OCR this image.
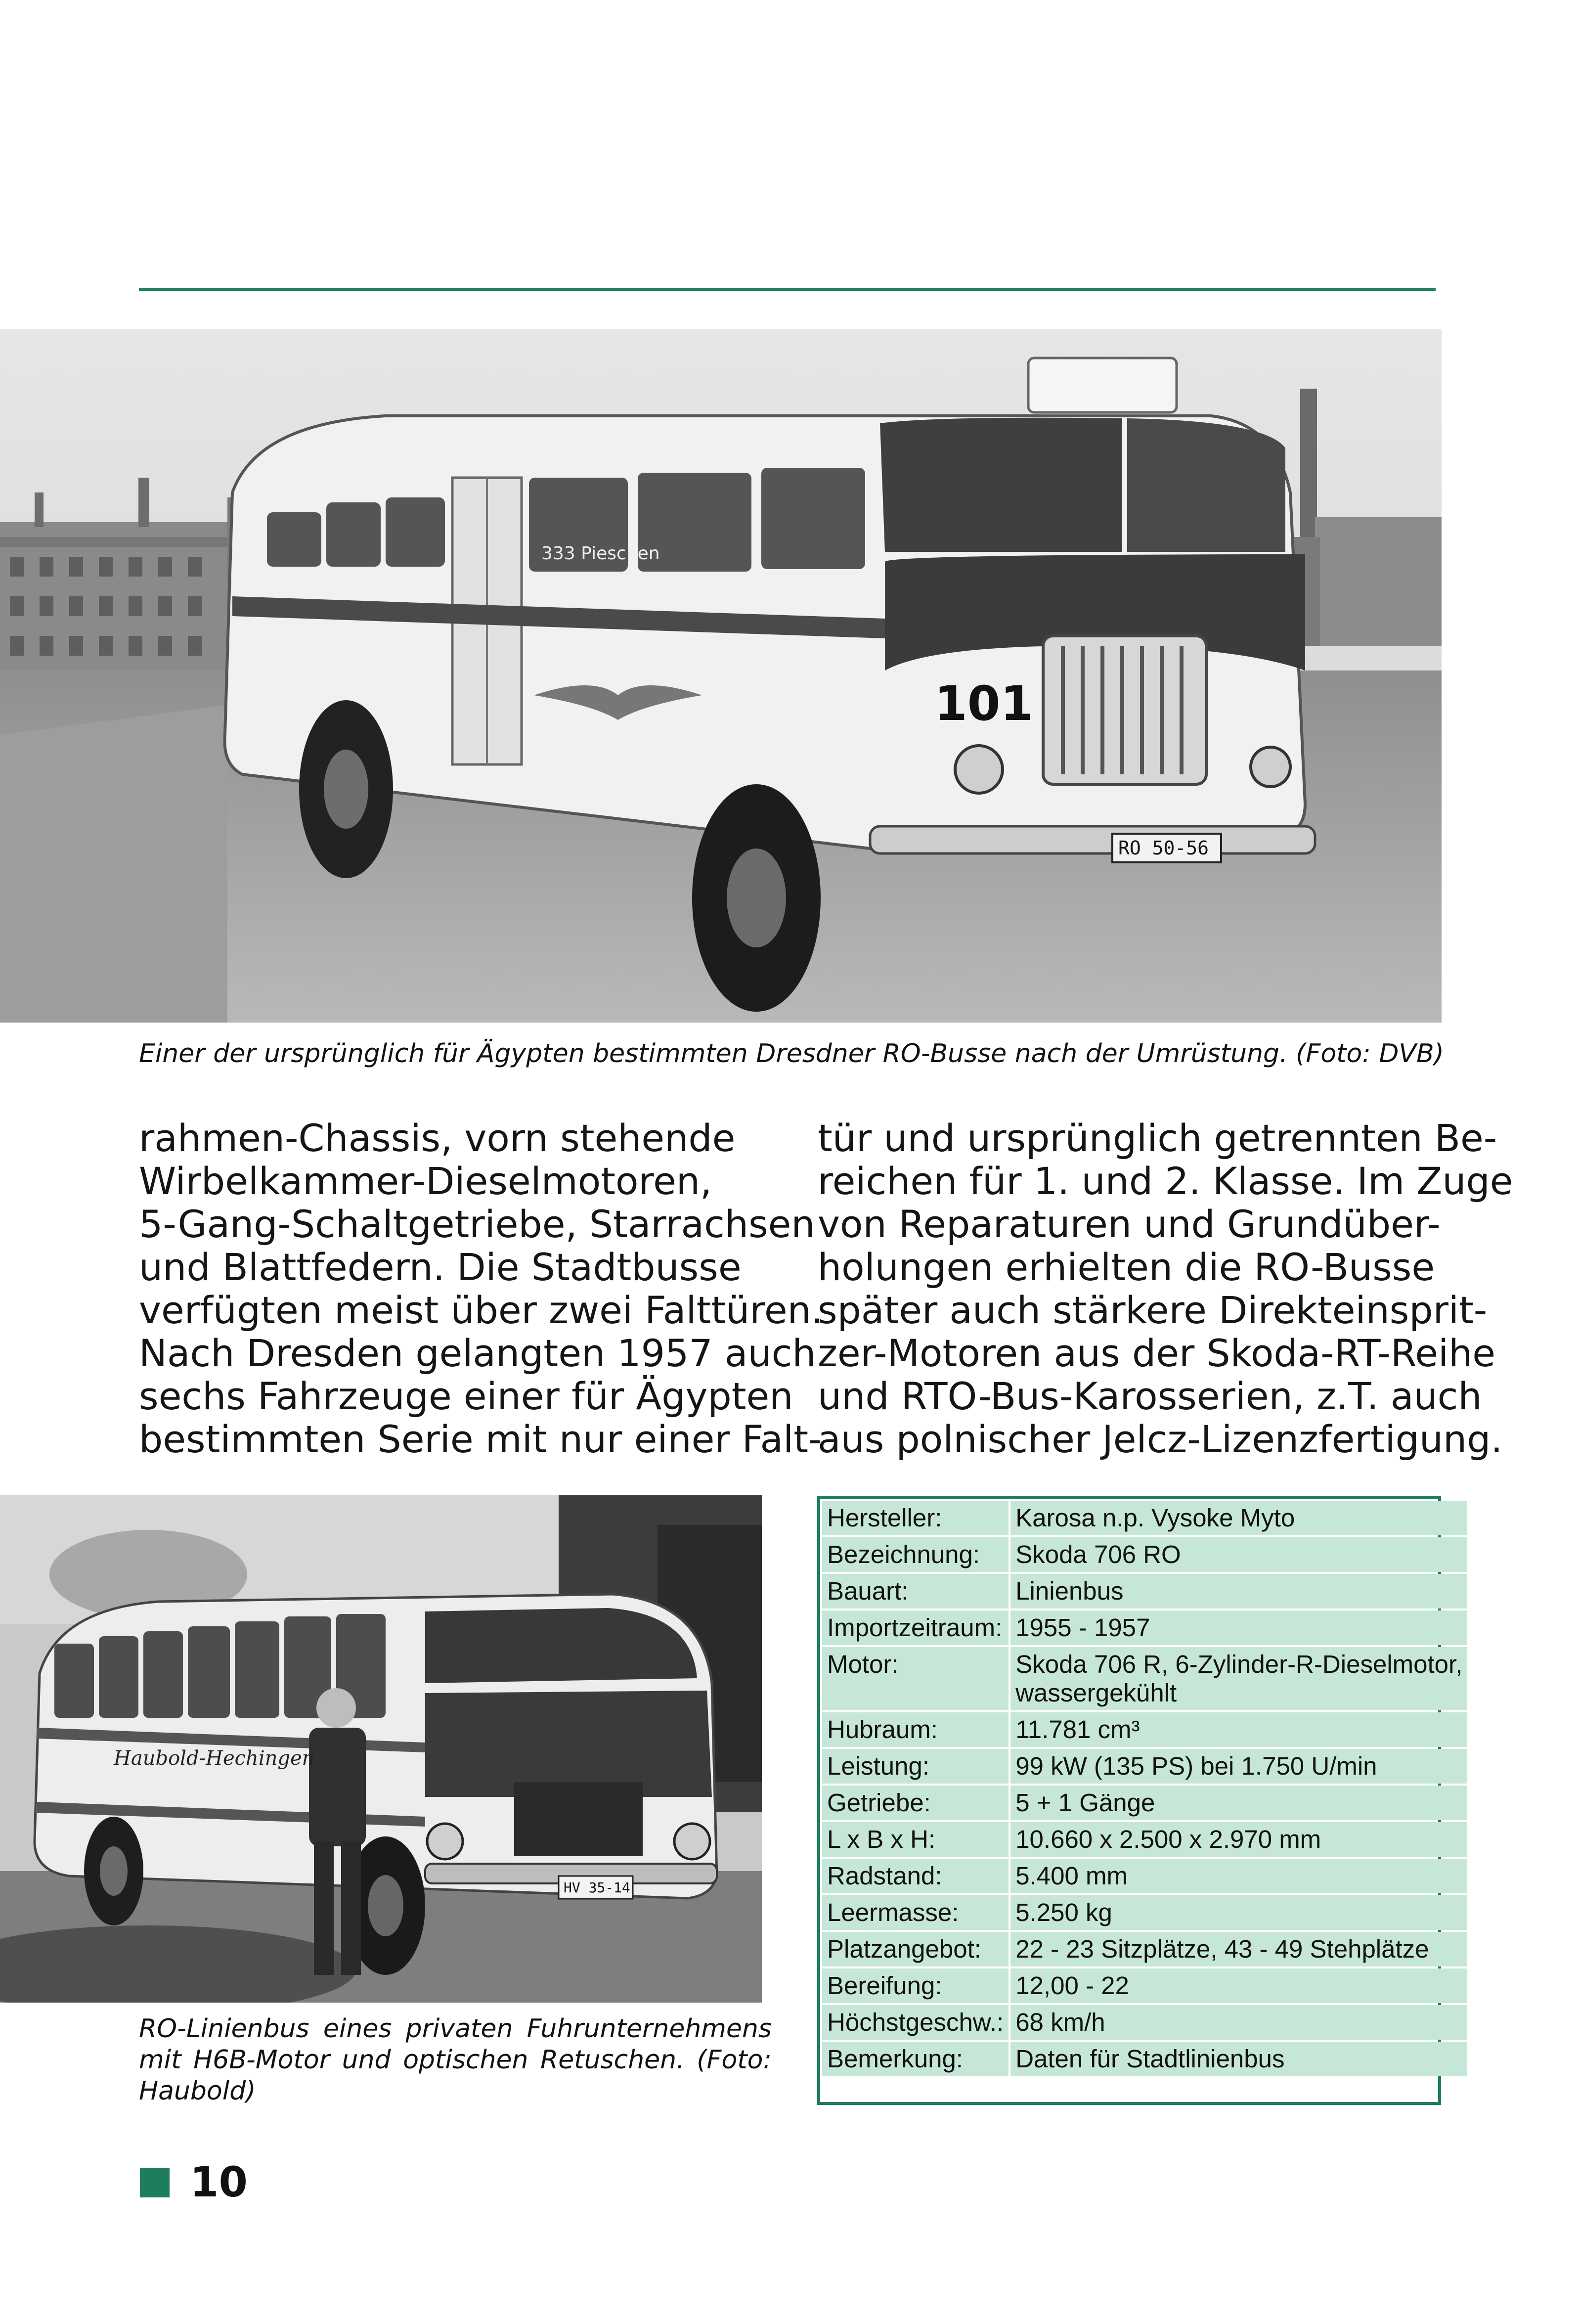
101
333 Pieschen
RO 50-56
Einer der ursprünglich für Ägypten bestimmten Dresdner RO-Busse nach der Umrüstung. (Foto: DVB)
rahmen-Chassis, vorn stehende
Wirbelkammer-Dieselmotoren,
5-Gang-Schaltgetriebe, Starrachsen
und Blattfedern. Die Stadtbusse
verfügten meist über zwei Falttüren.
Nach Dresden gelangten 1957 auch
sechs Fahrzeuge einer für Ägypten
bestimmten Serie mit nur einer Falt-
tür und ursprünglich getrennten Be-
reichen für 1. und 2. Klasse. Im Zuge
von Reparaturen und Grundüber-
holungen erhielten die RO-Busse
später auch stärkere Direkteinsprit-
zer-Motoren aus der Skoda-RT-Reihe
und RTO-Bus-Karosserien, z.T. auch
aus polnischer Jelcz-Lizenzfertigung.
Haubold-Hechingen
HV 35-14
RO-Linienbus eines privaten Fuhrunternehmens mit H6B-Motor und optischen Retuschen. (Foto: Haubold)
Hersteller:	Karosa n.p. Vysoke Myto

Bezeichnung:	Skoda 706 RO

Bauart:	Linienbus

Importzeitraum:	1955 - 1957

Motor:	Skoda 706 R, 6-Zylinder-R-Dieselmotor,
wassergekühlt

Hubraum:	11.781 cm³

Leistung:	99 kW (135 PS) bei 1.750 U/min

Getriebe:	5 + 1 Gänge

L x B x H:	10.660 x 2.500 x 2.970 mm

Radstand:	5.400 mm

Leermasse:	5.250 kg

Platzangebot:	22 - 23 Sitzplätze, 43 - 49 Stehplätze

Bereifung:	12,00 - 22

Höchstgeschw.:	68 km/h

Bemerkung:	Daten für Stadtlinienbus
10
